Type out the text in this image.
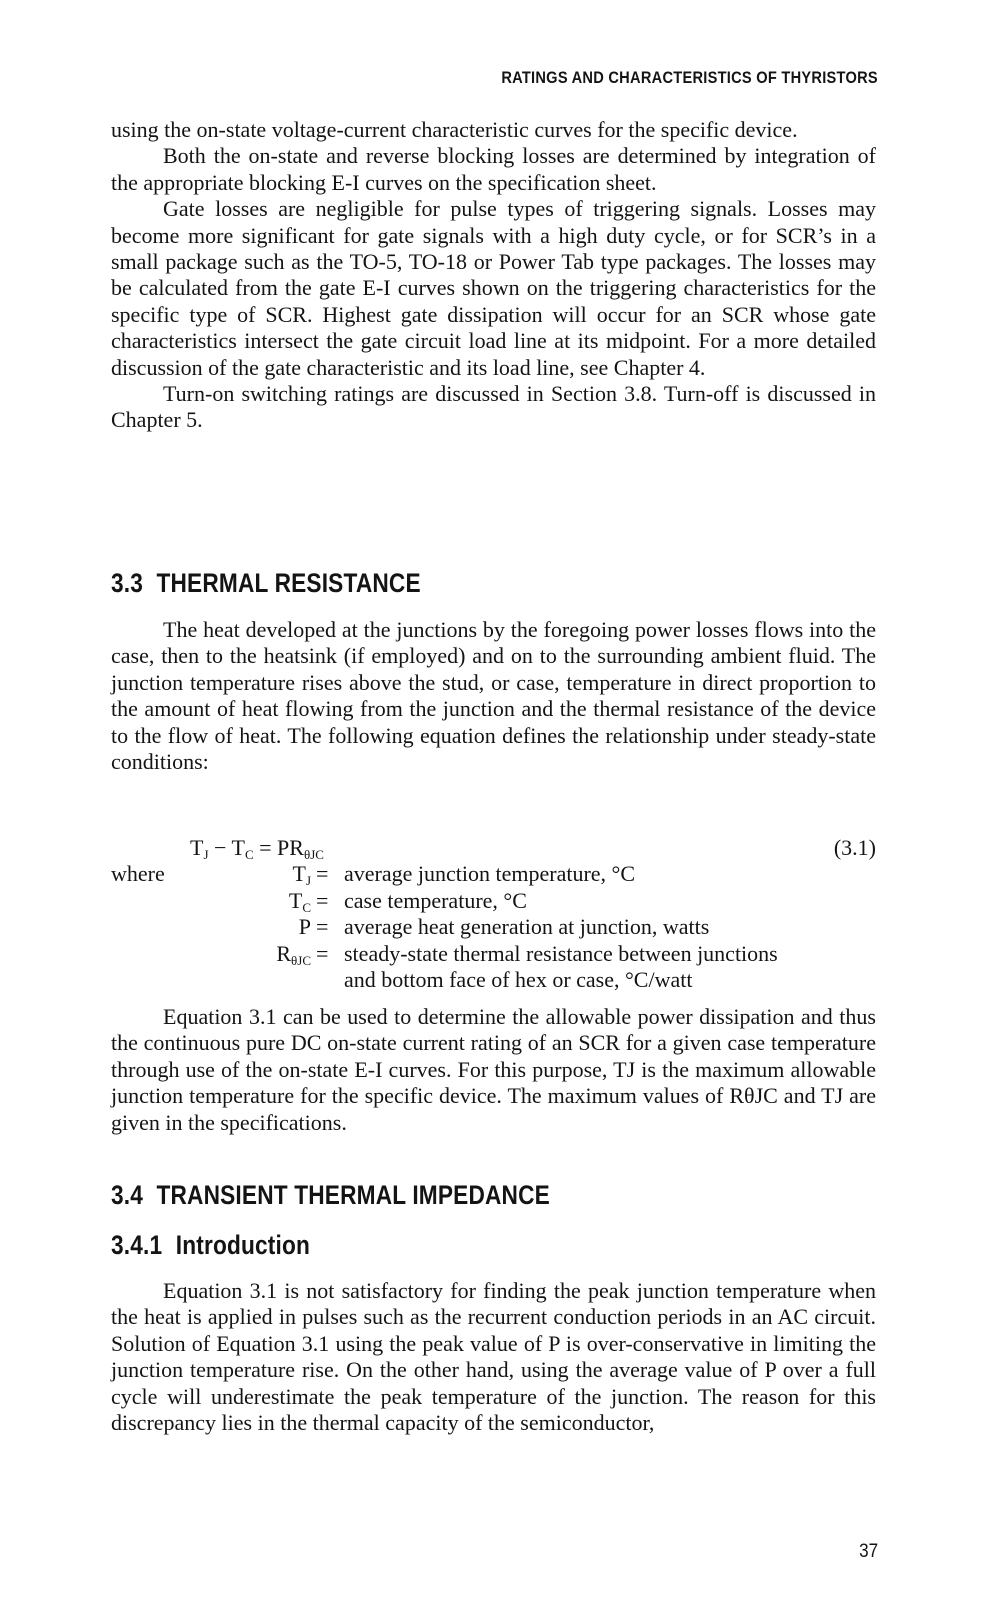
RATINGS AND CHARACTERISTICS OF THYRISTORS

using the on-state voltage-current characteristic curves for the specific device.

Both the on-state and reverse blocking losses are determined by integration of the appropriate blocking E-I curves on the specification sheet.

Gate losses are negligible for pulse types of triggering signals. Losses may become more significant for gate signals with a high duty cycle, or for SCR’s in a small package such as the TO-5, TO-18 or Power Tab type packages. The losses may be calculated from the gate E-I curves shown on the triggering characteristics for the specific type of SCR. Highest gate dissipation will occur for an SCR whose gate characteristics intersect the gate circuit load line at its midpoint. For a more detailed discussion of the gate characteristic and its load line, see Chapter 4.

Turn-on switching ratings are discussed in Section 3.8. Turn-off is discussed in Chapter 5.

3.3 THERMAL RESISTANCE

The heat developed at the junctions by the foregoing power losses flows into the case, then to the heatsink (if employed) and on to the surrounding ambient fluid. The junction temperature rises above the stud, or case, temperature in direct proportion to the amount of heat flowing from the junction and the thermal resistance of the device to the flow of heat. The following equation defines the relationship under steady-state conditions:

$T_J - T_C = PR_{\theta JC}$	(3.1)
where	$T_J$ = average junction temperature, °C
$T_C$ = case temperature, °C
P = average heat generation at junction, watts
$R_{\theta JC}$ = steady-state thermal resistance between junctions
and bottom face of hex or case, °C/watt

Equation 3.1 can be used to determine the allowable power dissipation and thus the continuous pure DC on-state current rating of an SCR for a given case temperature through use of the on-state E-I curves. For this purpose, TJ is the maximum allowable junction temperature for the specific device. The maximum values of RθJC and TJ are given in the specifications.

3.4 TRANSIENT THERMAL IMPEDANCE
3.4.1 Introduction

Equation 3.1 is not satisfactory for finding the peak junction temperature when the heat is applied in pulses such as the recurrent conduction periods in an AC circuit. Solution of Equation 3.1 using the peak value of P is over-conservative in limiting the junction temperature rise. On the other hand, using the average value of P over a full cycle will underestimate the peak temperature of the junction. The reason for this discrepancy lies in the thermal capacity of the semiconductor,

37
